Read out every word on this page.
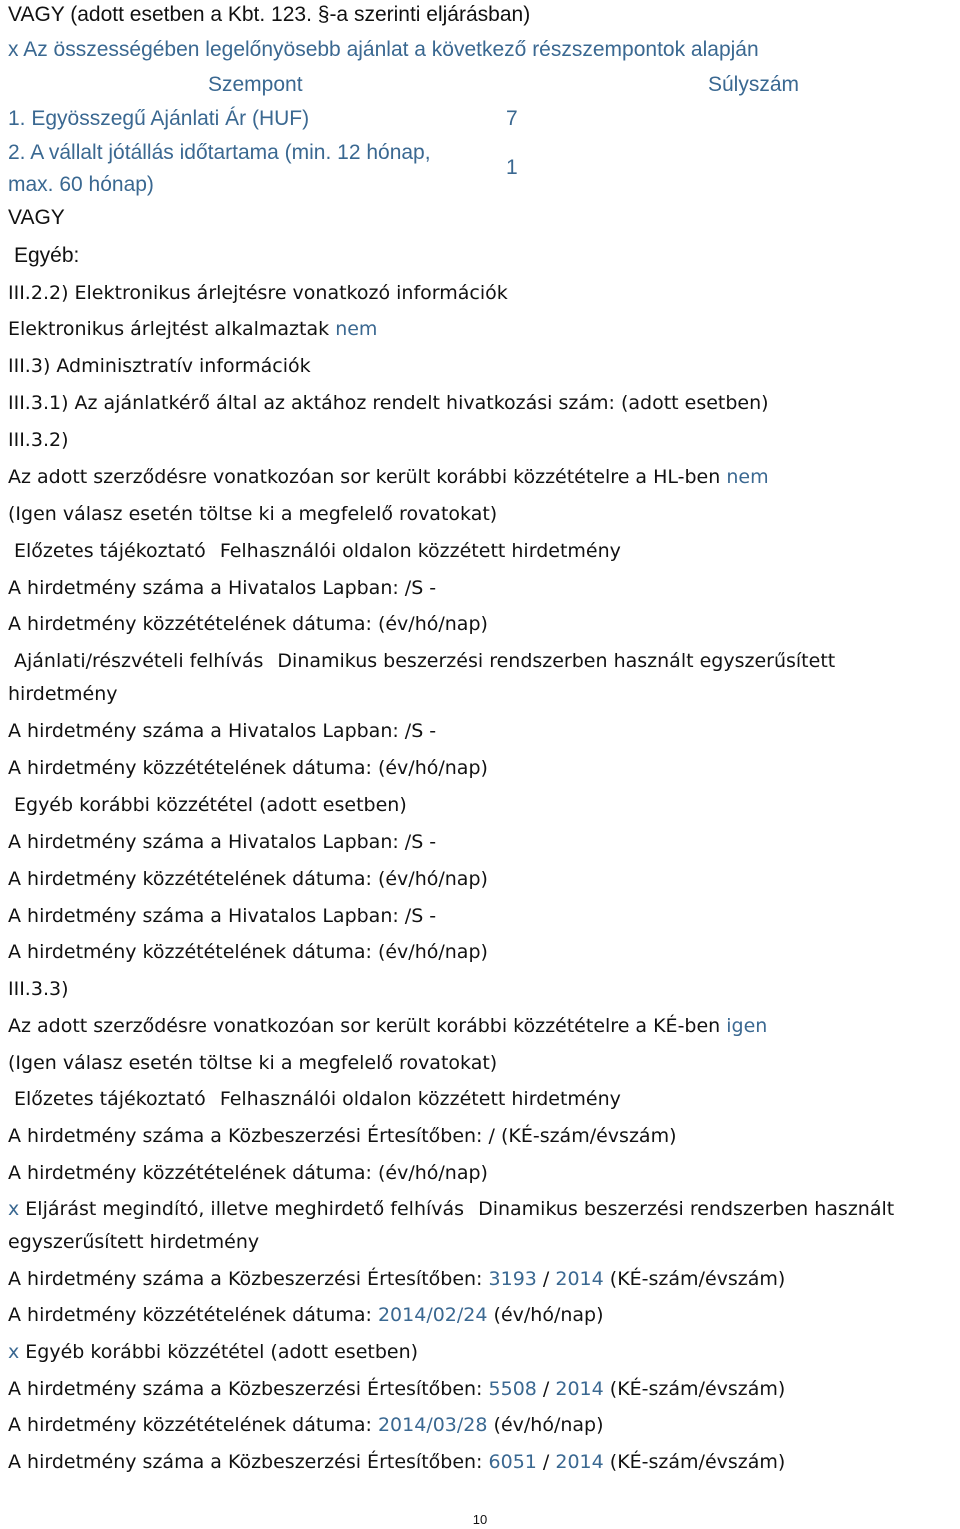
VAGY (adott esetben a Kbt. 123. §-a szerinti eljárásban)
x Az összességében legelőnyösebb ajánlat a következő részszempontok alapján
Szempont	Súlyszám
1. Egyösszegű Ajánlati Ár (HUF)	7
2. A vállalt jótállás időtartama (min. 12 hónap,
max. 60 hónap)
1
VAGY
Egyéb:
III.2.2) Elektronikus árlejtésre vonatkozó információk
Elektronikus árlejtést alkalmaztak nem
III.3) Adminisztratív információk
III.3.1) Az ajánlatkérő által az aktához rendelt hivatkozási szám: (adott esetben)
III.3.2)
Az adott szerződésre vonatkozóan sor került korábbi közzétételre a HL-ben nem
(Igen válasz esetén töltse ki a megfelelő rovatokat)
Előzetes tájékoztató Felhasználói oldalon közzétett hirdetmény
A hirdetmény száma a Hivatalos Lapban: /S -
A hirdetmény közzétételének dátuma: (év/hó/nap)
Ajánlati/részvételi felhívás Dinamikus beszerzési rendszerben használt egyszerűsített
hirdetmény
A hirdetmény száma a Hivatalos Lapban: /S -
A hirdetmény közzétételének dátuma: (év/hó/nap)
Egyéb korábbi közzététel (adott esetben)
A hirdetmény száma a Hivatalos Lapban: /S -
A hirdetmény közzétételének dátuma: (év/hó/nap)
A hirdetmény száma a Hivatalos Lapban: /S -
A hirdetmény közzétételének dátuma: (év/hó/nap)
III.3.3)
Az adott szerződésre vonatkozóan sor került korábbi közzétételre a KÉ-ben igen
(Igen válasz esetén töltse ki a megfelelő rovatokat)
Előzetes tájékoztató Felhasználói oldalon közzétett hirdetmény
A hirdetmény száma a Közbeszerzési Értesítőben: / (KÉ-szám/évszám)
A hirdetmény közzétételének dátuma: (év/hó/nap)
x Eljárást megindító, illetve meghirdető felhívás Dinamikus beszerzési rendszerben használt
egyszerűsített hirdetmény
A hirdetmény száma a Közbeszerzési Értesítőben: 3193 / 2014 (KÉ-szám/évszám)
A hirdetmény közzétételének dátuma: 2014/02/24 (év/hó/nap)
x Egyéb korábbi közzététel (adott esetben)
A hirdetmény száma a Közbeszerzési Értesítőben: 5508 / 2014 (KÉ-szám/évszám)
A hirdetmény közzétételének dátuma: 2014/03/28 (év/hó/nap)
A hirdetmény száma a Közbeszerzési Értesítőben: 6051 / 2014 (KÉ-szám/évszám)
10
